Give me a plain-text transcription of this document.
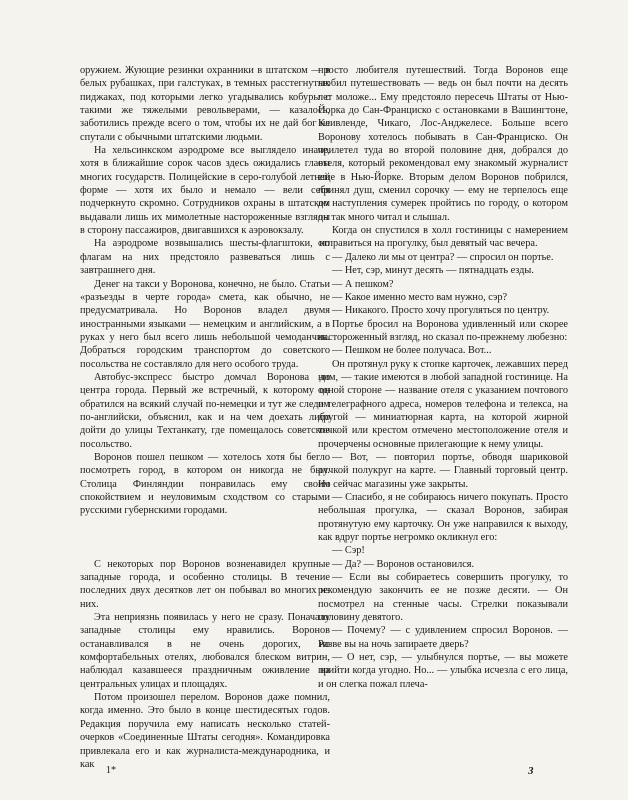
оружием. Жующие резинки охранники в штатском — в белых рубашках, при галстуках, в темных расстегнутых пиджаках, под которыми легко угадывались кобуры с такими же тяжелыми револьверами, — казалось, заботились прежде всего о том, чтобы их не дай бог не спутали с обычными штатскими людьми.

На хельсинкском аэродроме все выглядело иначе, хотя в ближайшие сорок часов здесь ожидались главы многих государств. Полицейские в серо-голубой летней форме — хотя их было и немало — вели себя подчеркнуто скромно. Сотрудников охраны в штатском выдавали лишь их мимолетные настороженные взгляды в сторону пассажиров, двигавшихся к аэровокзалу.

На аэродроме возвышались шесты-флагштоки, но флагам на них предстояло развеваться лишь с завтрашнего дня.

Денег на такси у Воронова, конечно, не было. Статьи «разъезды в черте города» смета, как обычно, не предусматривала. Но Воронов владел двумя иностранными языками — немецким и английским, а в руках у него был всего лишь небольшой чемоданчик. Добраться городским транспортом до советского посольства не составляло для него особого труда.

Автобус-экспресс быстро домчал Воронова до центра города. Первый же встречный, к которому он обратился на всякий случай по-немецки и тут же следом по-английски, объяснил, как и на чем доехать либо дойти до улицы Техтанкату, где помещалось советское посольство.

Воронов пошел пешком — хотелось хотя бы бегло посмотреть город, в котором он никогда не был. Столица Финляндии понравилась ему своим спокойствием и неуловимым сходством со старыми русскими губернскими городами.

С некоторых пор Воронов возненавидел крупные западные города, и особенно столицы. В течение последних двух десятков лет он побывал во многих из них.

Эта неприязнь появилась у него не сразу. Поначалу западные столицы ему нравились. Воронов останавливался в не очень дорогих, но комфортабельных отелях, любовался блеском витрин, наблюдал казавшееся праздничным оживление на центральных улицах и площадях.

Потом произошел перелом. Воронов даже помнил, когда именно. Это было в конце шестидесятых годов. Редакция поручила ему написать несколько статей-очерков «Соединенные Штаты сегодня». Командировка привлекала его и как журналиста-международника, и как

просто любителя путешествий. Тогда Воронов еще любил путешествовать — ведь он был почти на десять лет моложе... Ему предстояло пересечь Штаты от Нью-Йорка до Сан-Франциско с остановками в Вашингтоне, Кливленде, Чикаго, Лос-Анджелесе. Больше всего Воронову хотелось побывать в Сан-Франциско. Он прилетел туда во второй половине дня, добрался до отеля, который рекомендовал ему знакомый журналист еще в Нью-Йорке. Вторым делом Воронов побрился, принял душ, сменил сорочку — ему не терпелось еще до наступления сумерек пройтись по городу, о котором он так много читал и слышал.

Когда он спустился в холл гостиницы с намерением отправиться на прогулку, был девятый час вечера.

— Далеко ли мы от центра? — спросил он портье.

— Нет, сэр, минут десять — пятнадцать езды.

— А пешком?

— Какое именно место вам нужно, сэр?

— Никакого. Просто хочу прогуляться по центру.

Портье бросил на Воронова удивленный или скорее настороженный взгляд, но сказал по-прежнему любезно:

— Пешком не более получаса. Вот...

Он протянул руку к стопке карточек, лежавших перед ним, — такие имеются в любой западной гостинице. На одной стороне — название отеля с указанием почтового и телеграфного адреса, номеров телефона и телекса, на другой — миниатюрная карта, на которой жирной точкой или крестом отмечено местоположение отеля и прочерчены основные прилегающие к нему улицы.

— Вот, — повторил портье, обводя шариковой ручкой полукруг на карте. — Главный торговый центр. Но сейчас магазины уже закрыты.

— Спасибо, я не собираюсь ничего покупать. Просто небольшая прогулка, — сказал Воронов, забирая протянутую ему карточку. Он уже направился к выходу, как вдруг портье негромко окликнул его:

— Сэр!

— Да? — Воронов остановился.

— Если вы собираетесь совершить прогулку, то рекомендую закончить ее не позже десяти. — Он посмотрел на стенные часы. Стрелки показывали половину девятого.

— Почему? — с удивлением спросил Воронов. — Разве вы на ночь запираете дверь?

— О нет, сэр, — улыбнулся портье, — вы можете прийти когда угодно. Но... — улыбка исчезла с его лица, и он слегка пожал плеча-

1*	3
